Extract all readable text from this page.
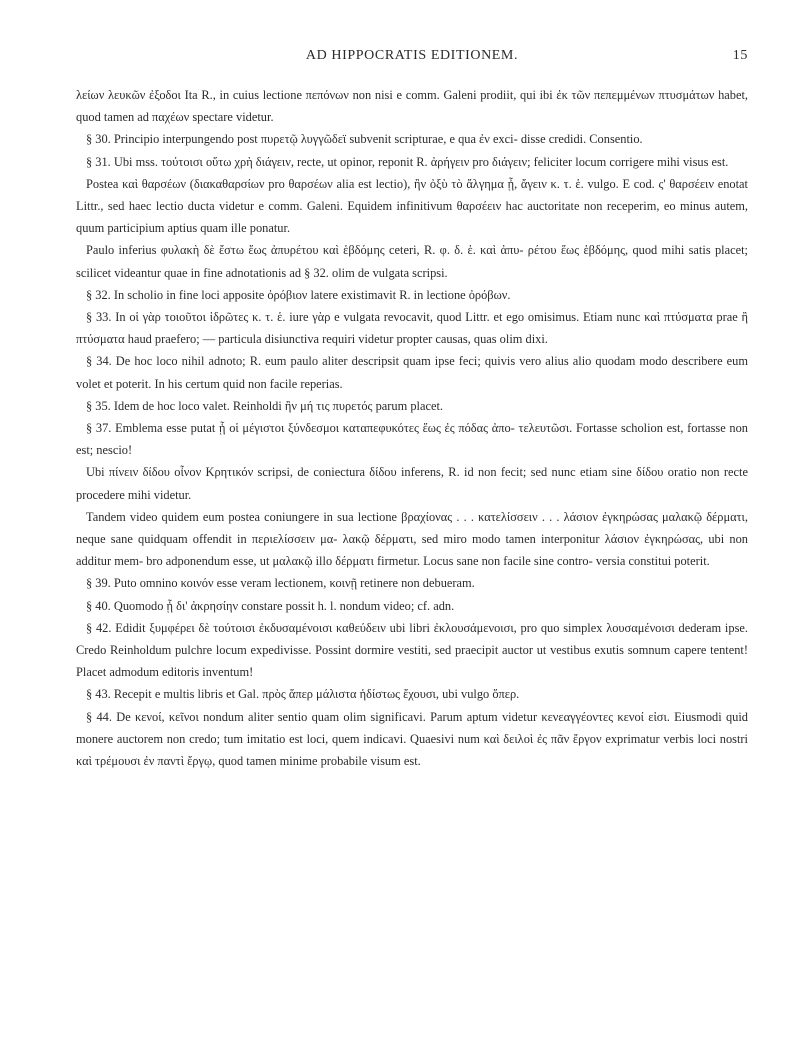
AD HIPPOCRATIS EDITIONEM.	15

λείων λευκῶν ἐξοδοι Ita R., in cuius lectione πεπόνων non nisi e comm. Galeni prodiit, qui ibi ἐκ τῶν πεπεμμένων πτυσμάτων habet, quod tamen ad παχέων spectare videtur.

§ 30. Principio interpungendo post πυρετῷ λυγγῶδεϊ subvenit scripturae, e qua ἐν exci- disse credidi. Consentio.

§ 31. Ubi mss. τούτοισι οὕτω χρὴ διάγειν, recte, ut opinor, reponit R. ἀρήγειν pro διάγειν; feliciter locum corrigere mihi visus est.

Postea καὶ θαρσέων (διακαθαρσίων pro θαρσέων alia est lectio), ἢν ὀξὺ τὸ ἄλγημα ᾖ, ἄγειν κ. τ. ἑ. vulgo. E cod. ς' θαρσέειν enotat Littr., sed haec lectio ducta videtur e comm. Galeni. Equidem infinitivum θαρσέειν hac auctoritate non receperim, eo minus autem, quum participium aptius quam ille ponatur.

Paulo inferius φυλακὴ δὲ ἔστω ἕως ἀπυρέτου καὶ ἑβδόμης ceteri, R. φ. δ. ἑ. καὶ ἀπυ- ρέτου ἕως ἑβδόμης, quod mihi satis placet; scilicet videantur quae in fine adnotationis ad § 32. olim de vulgata scripsi.

§ 32. In scholio in fine loci apposite ὀρόβιον latere existimavit R. in lectione ὀρόβων.

§ 33. In οἱ γὰρ τοιοῦτοι ἱδρῶτες κ. τ. ἑ. iure γὰρ e vulgata revocavit, quod Littr. et ego omisimus. Etiam nunc καὶ πτύσματα prae ἢ πτύσματα haud praefero; — particula disiunctiva requiri videtur propter causas, quas olim dixi.

§ 34. De hoc loco nihil adnoto; R. eum paulo aliter descripsit quam ipse feci; quivis vero alius alio quodam modo describere eum volet et poterit. In his certum quid non facile reperias.

§ 35. Idem de hoc loco valet. Reinholdi ἢν μή τις πυρετός parum placet.

§ 37. Emblema esse putat ᾗ οἱ μέγιστοι ξύνδεσμοι καταπεφυκότες ἕως ἐς πόδας ἀπο- τελευτῶσι. Fortasse scholion est, fortasse non est; nescio!

Ubi πίνειν δίδου οἶνον Κρητικόν scripsi, de coniectura δίδου inferens, R. id non fecit; sed nunc etiam sine δίδου oratio non recte procedere mihi videtur.

Tandem video quidem eum postea coniungere in sua lectione βραχίονας . . . κατελίσσειν . . . λάσιον ἐγκηρώσας μαλακῷ δέρματι, neque sane quidquam offendit in περιελίσσειν μα- λακῷ δέρματι, sed miro modo tamen interponitur λάσιον ἐγκηρώσας, ubi non additur mem- bro adponendum esse, ut μαλακῷ illo δέρματι firmetur. Locus sane non facile sine contro- versia constitui poterit.

§ 39. Puto omnino κοινόν esse veram lectionem, κοινῇ retinere non debueram.

§ 40. Quomodo ᾗ δι' ἀκρησίην constare possit h. l. nondum video; cf. adn.

§ 42. Edidit ξυμφέρει δὲ τούτοισι ἐκδυσαμένοισι καθεύδειν ubi libri ἐκλουσάμενοισι, pro quo simplex λουσαμένοισι dederam ipse. Credo Reinholdum pulchre locum expedivisse. Possint dormire vestiti, sed praecipit auctor ut vestibus exutis somnum capere tentent! Placet admodum editoris inventum!

§ 43. Recepit e multis libris et Gal. πρὸς ἅπερ μάλιστα ἡδίστως ἔχουσι, ubi vulgo ὅπερ.

§ 44. De κενοί, κεῖνοι nondum aliter sentio quam olim significavi. Parum aptum videtur κενεαγγέοντες κενοί εἰσι. Eiusmodi quid monere auctorem non credo; tum imitatio est loci, quem indicavi. Quaesivi num καὶ δειλοὶ ἐς πᾶν ἔργον exprimatur verbis loci nostri καὶ τρέμουσι ἐν παντὶ ἔργῳ, quod tamen minime probabile visum est.
